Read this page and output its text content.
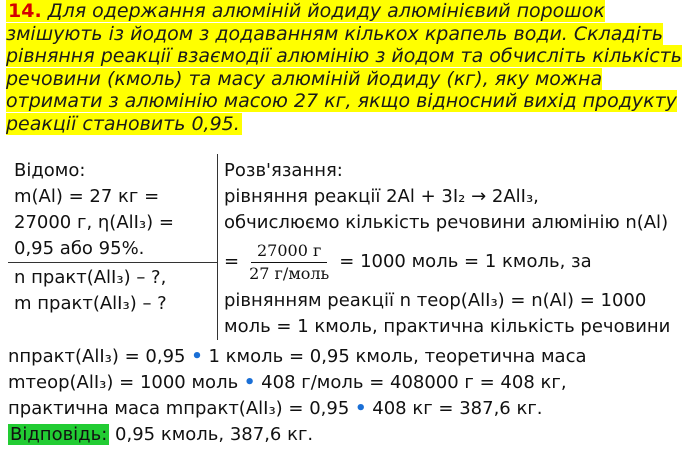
14. Для одержання алюміній йодиду алюмінієвий порошок змішують із йодом з додаванням кількох крапель води. Складіть рівняння реакції взаємодії алюмінію з йодом та обчисліть кількість речовини (кмоль) та масу алюміній йодиду (кг), яку можна отримати з алюмінію масою 27 кг, якщо відносний вихід продукту реакції становить 0,95.
Відомо:
m(Al) = 27 кг =
27000 г, η(AlI₃) =
0,95 або 95%.
n практ(AlI₃) – ?,
m практ(AlI₃) – ?
Розв'язання:
рівняння реакції 2Al + 3I₂ → 2AlI₃,
обчислюємо кількість речовини алюмінію n(Al)
= $\frac{27000 г}{\text{27 г/моль}} = 1000$ моль = 1 кмоль, за
рівнянням реакції n теор(AlI₃) = n(Al) = 1000
моль = 1 кмоль, практична кількість речовини
nпракт(AlI₃) = 0,95 • 1 кмоль = 0,95 кмоль, теоретична маса
mтеор(AlI₃) = 1000 моль • 408 г/моль = 408000 г = 408 кг,
практична маса mпракт(AlI₃) = 0,95 • 408 кг = 387,6 кг.
Відповідь: 0,95 кмоль, 387,6 кг.
